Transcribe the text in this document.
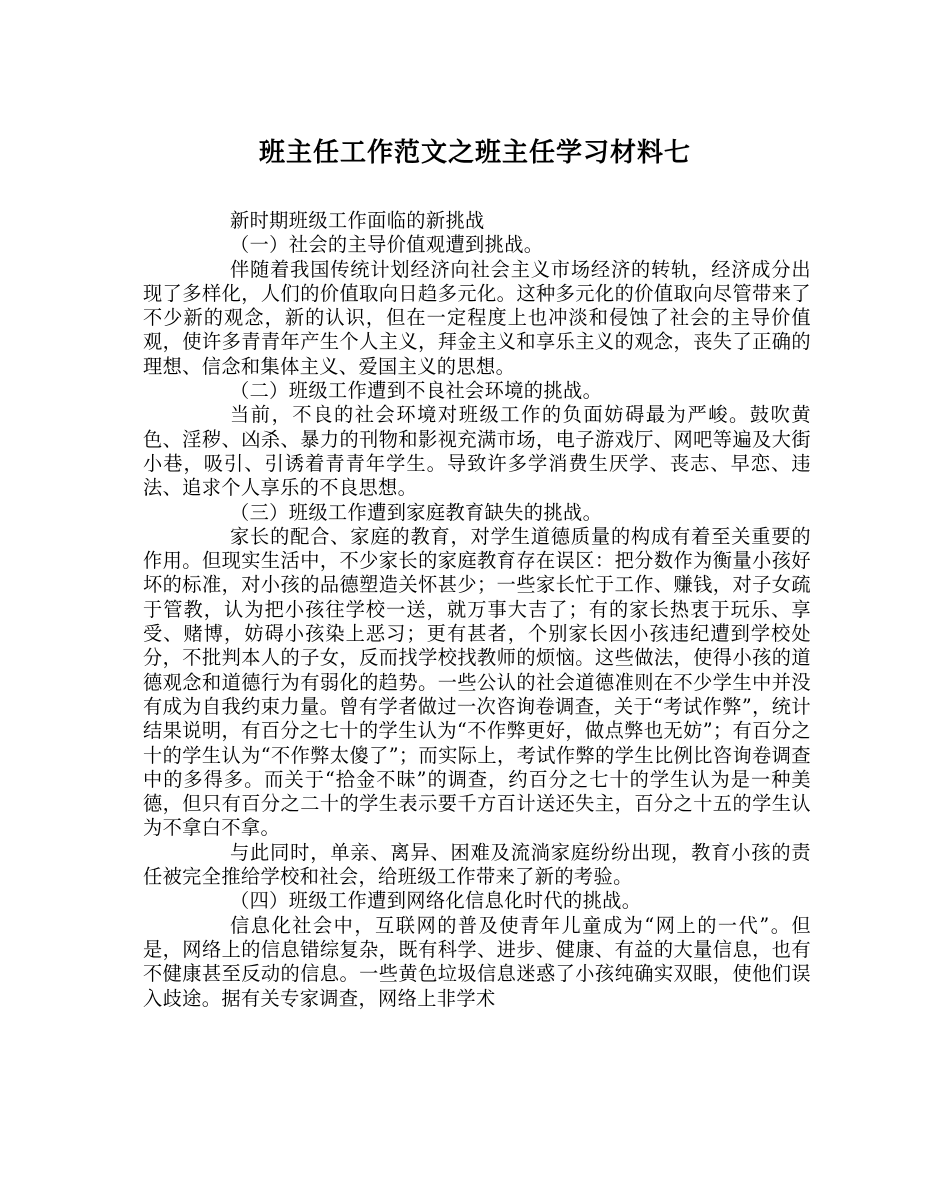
班主任工作范文之班主任学习材料七

新时期班级工作面临的新挑战

（一）社会的主导价值观遭到挑战。

伴随着我国传统计划经济向社会主义市场经济的转轨，经济成分出现了多样化，人们的价值取向日趋多元化。这种多元化的价值取向尽管带来了不少新的观念，新的认识，但在一定程度上也冲淡和侵蚀了社会的主导价值观，使许多青青年产生个人主义，拜金主义和享乐主义的观念，丧失了正确的理想、信念和集体主义、爱国主义的思想。

（二）班级工作遭到不良社会环境的挑战。

当前，不良的社会环境对班级工作的负面妨碍最为严峻。鼓吹黄色、淫秽、凶杀、暴力的刊物和影视充满市场，电子游戏厅、网吧等遍及大街小巷，吸引、引诱着青青年学生。导致许多学消费生厌学、丧志、早恋、违法、追求个人享乐的不良思想。

（三）班级工作遭到家庭教育缺失的挑战。

家长的配合、家庭的教育，对学生道德质量的构成有着至关重要的作用。但现实生活中，不少家长的家庭教育存在误区：把分数作为衡量小孩好坏的标准，对小孩的品德塑造关怀甚少；一些家长忙于工作、赚钱，对子女疏于管教，认为把小孩往学校一送，就万事大吉了；有的家长热衷于玩乐、享受、赌博，妨碍小孩染上恶习；更有甚者，个别家长因小孩违纪遭到学校处分，不批判本人的子女，反而找学校找教师的烦恼。这些做法，使得小孩的道德观念和道德行为有弱化的趋势。一些公认的社会道德准则在不少学生中并没有成为自我约束力量。曾有学者做过一次咨询卷调查，关于“考试作弊”，统计结果说明，有百分之七十的学生认为“不作弊更好，做点弊也无妨”；有百分之十的学生认为“不作弊太傻了”；而实际上，考试作弊的学生比例比咨询卷调查中的多得多。而关于“拾金不昧”的调查，约百分之七十的学生认为是一种美德，但只有百分之二十的学生表示要千方百计送还失主，百分之十五的学生认为不拿白不拿。

与此同时，单亲、离异、困难及流淌家庭纷纷出现，教育小孩的责任被完全推给学校和社会，给班级工作带来了新的考验。

（四）班级工作遭到网络化信息化时代的挑战。

信息化社会中，互联网的普及使青年儿童成为“网上的一代”。但是，网络上的信息错综复杂，既有科学、进步、健康、有益的大量信息，也有不健康甚至反动的信息。一些黄色垃圾信息迷惑了小孩纯确实双眼，使他们误入歧途。据有关专家调查，网络上非学术
